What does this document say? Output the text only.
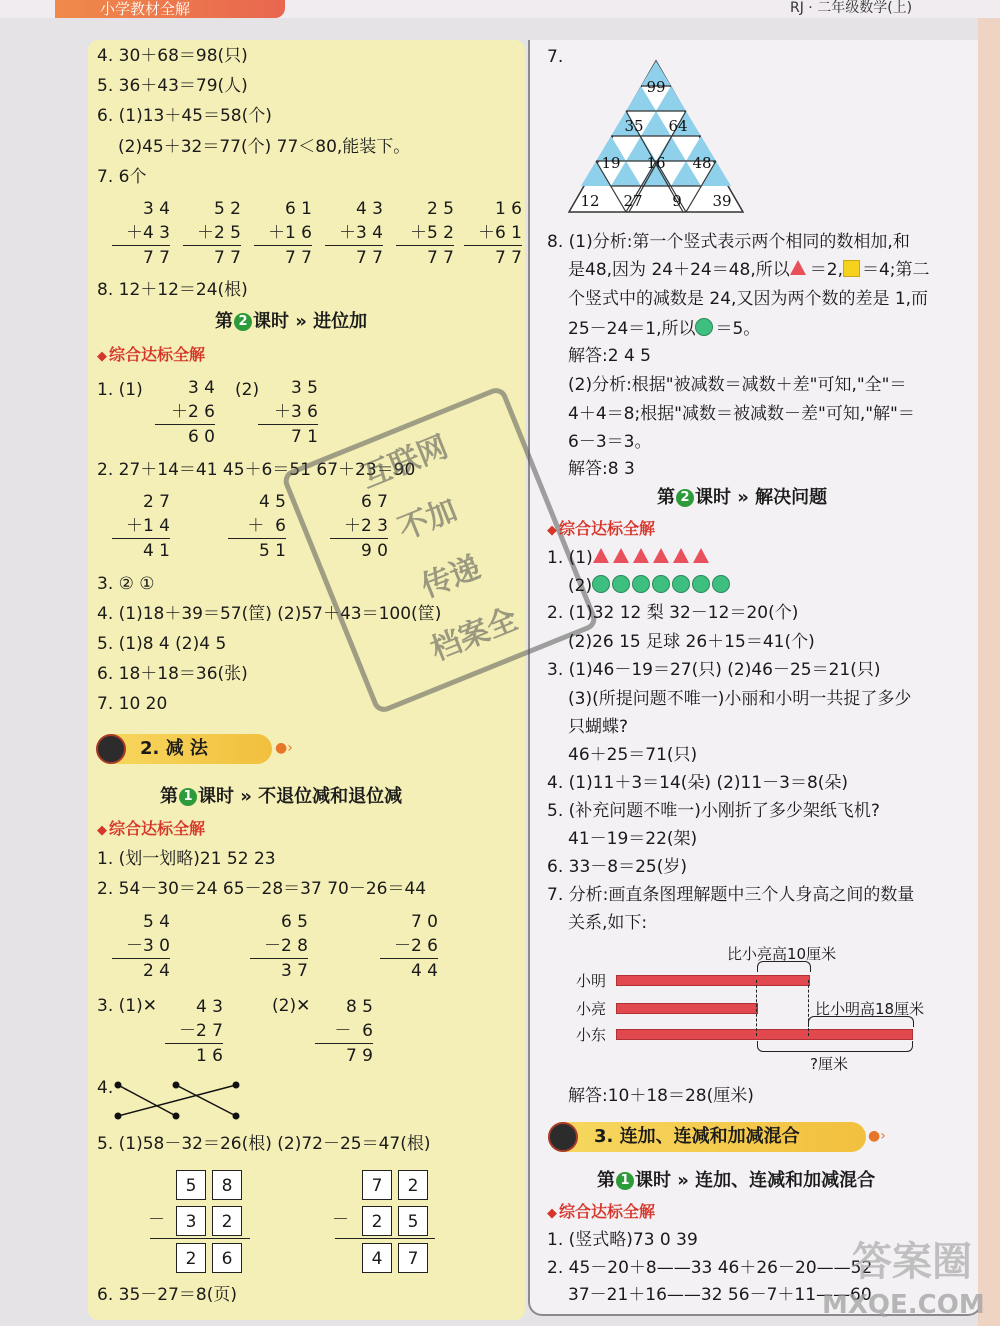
小学教材全解	RJ · 二年级数学(上)
4. 30＋68＝98(只)
5. 36＋43＝79(人)
6. (1)13＋45＝58(个)
(2)45＋32＝77(个) 77＜80,能装下。
7. 6个
3 4
＋4 3
7 7
5 2
＋2 5
7 7
6 1
＋1 6
7 7
4 3
＋3 4
7 7
2 5
＋5 2
7 7
1 6
＋6 1
7 7
8. 12＋12＝24(根)
第 2 课时 » 进位加
◆ 综合达标全解
1. (1)	(2)
3 4
＋2 6
6 0
3 5
＋3 6
7 1
2. 27＋14＝41 45＋6＝51 67＋23＝90
2 7
＋1 4
4 1
4 5
＋  6
5 1
6 7
＋2 3
9 0
3. ② ①
4. (1)18＋39＝57(筐) (2)57＋43＝100(筐)
5. (1)8 4 (2)4 5
6. 18＋18＝36(张)
7. 10 20
2. 减 法	●›
第 1 课时 » 不退位减和退位减
◆ 综合达标全解
1. (划一划略)21 52 23
2. 54－30＝24 65－28＝37 70－26＝44
5 4
－3 0
2 4
6 5
－2 8
3 7
7 0
－2 6
4 4
3. (1)✕	(2)✕
4 3
－2 7
1 6
8 5
－  6
7 9
4.
5. (1)58－32＝26(根) (2)72－25＝47(根)
5	8
－	3	2
2	6
7	2
－	2	5
4	7
6. 35－27＝8(页)
互联网
不加
传递
档案全
7.
99
35 64
19 16 48
12 27 9 39
8. (1)分析:第一个竖式表示两个相同的数相加,和
是48,因为 24＋24＝48,所以 ＝2, ＝4;第二
个竖式中的减数是 24,又因为两个数的差是 1,而
25－24＝1,所以 ＝5。
解答:2 4 5
(2)分析:根据"被减数＝减数＋差"可知,"全"＝
4＋4＝8;根据"减数＝被减数－差"可知,"解"＝
6－3＝3。
解答:8 3
第 2 课时 » 解决问题
◆ 综合达标全解
1. (1)
(2)
2. (1)32 12 梨 32－12＝20(个)
(2)26 15 足球 26＋15＝41(个)
3. (1)46－19＝27(只) (2)46－25＝21(只)
(3)(所提问题不唯一)小丽和小明一共捉了多少
只蝴蝶?
46＋25＝71(只)
4. (1)11＋3＝14(朵) (2)11－3＝8(朵)
5. (补充问题不唯一)小刚折了多少架纸飞机?
41－19＝22(架)
6. 33－8＝25(岁)
7. 分析:画直条图理解题中三个人身高之间的数量
关系,如下:
比小亮高10厘米
小明
小亮	比小明高18厘米
小东
?厘米
解答:10＋18＝28(厘米)
3. 连加、连减和加减混合	●›
第 1 课时 » 连加、连减和加减混合
◆ 综合达标全解
1. (竖式略)73 0 39
2. 45－20＋8——33 46＋26－20——52
37－21＋16——32 56－7＋11——60
答案圈
MXQE.COM
